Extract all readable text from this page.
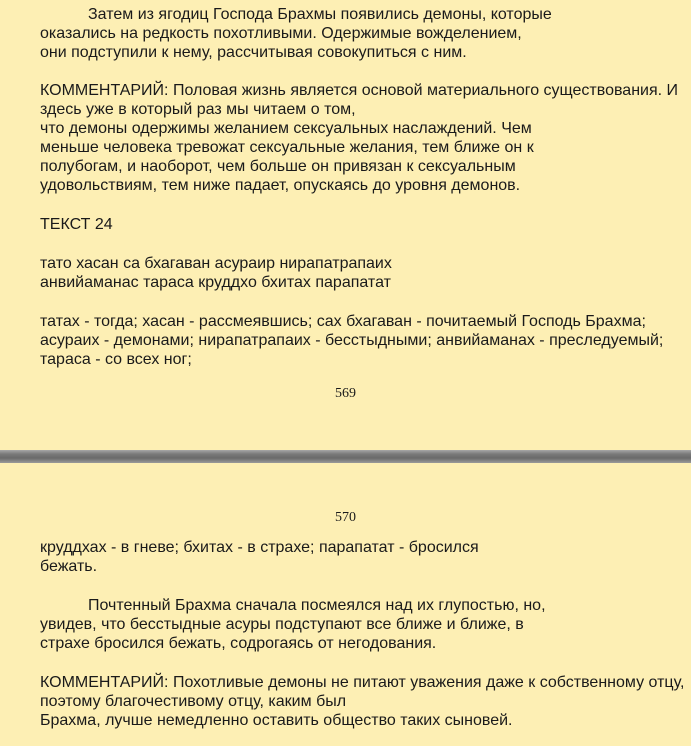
Затем из ягодиц Господа Брахмы появились демоны, которые
оказались на редкость похотливыми. Одержимые вожделением,
они подступили к нему, рассчитывая совокупиться с ним.
КОММЕНТАРИЙ: Половая жизнь является основой материального существования. И
здесь уже в который раз мы читаем о том,
что демоны одержимы желанием сексуальных наслаждений. Чем
меньше человека тревожат сексуальные желания, тем ближе он к
полубогам, и наоборот, чем больше он привязан к сексуальным
удовольствиям, тем ниже падает, опускаясь до уровня демонов.
ТЕКСТ 24
тато хасан са бхагаван асураир нирапатрапаих
анвийаманас тараса круддхо бхитах парапатат
татах - тогда; хасан - рассмеявшись; сах бхагаван - почитаемый Господь Брахма;
асураих - демонами; нирапатрапаих - бесстыдными; анвийаманах - преследуемый;
тараса - со всех ног;
569
570
круддхах - в гневе; бхитах - в страхе; парапатат - бросился
бежать.
Почтенный Брахма сначала посмеялся над их глупостью, но,
увидев, что бесстыдные асуры подступают все ближе и ближе, в
страхе бросился бежать, содрогаясь от негодования.
КОММЕНТАРИЙ: Похотливые демоны не питают уважения даже к собственному отцу,
поэтому благочестивому отцу, каким был
Брахма, лучше немедленно оставить общество таких сыновей.
